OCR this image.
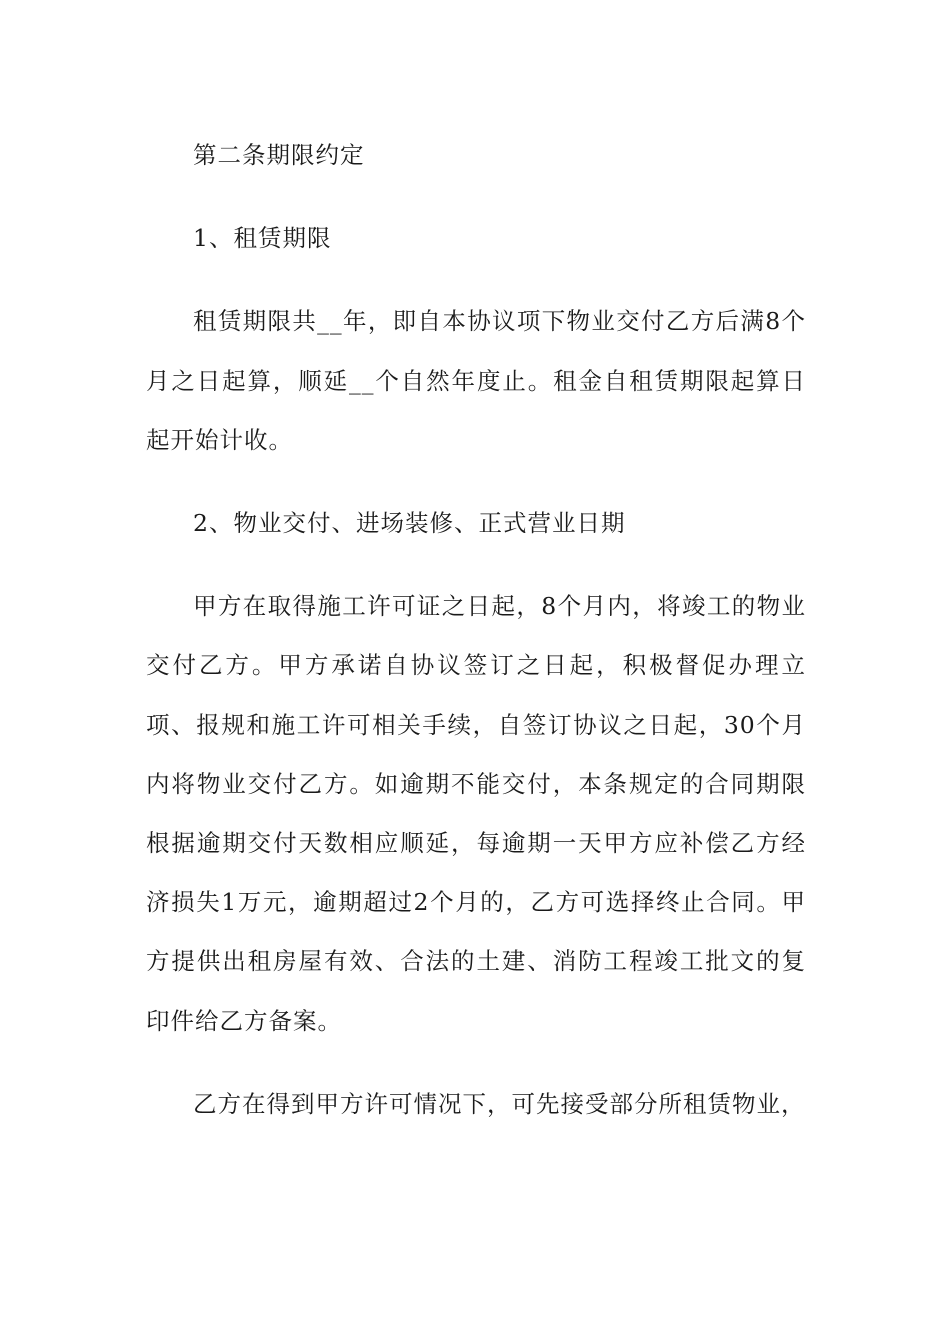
第二条期限约定

1、租赁期限

租赁期限共__年，即自本协议项下物业交付乙方后满8个月之日起算，顺延__个自然年度止。租金自租赁期限起算日起开始计收。

2、物业交付、进场装修、正式营业日期

甲方在取得施工许可证之日起，8个月内，将竣工的物业交付乙方。甲方承诺自协议签订之日起，积极督促办理立项、报规和施工许可相关手续，自签订协议之日起，30个月内将物业交付乙方。如逾期不能交付，本条规定的合同期限根据逾期交付天数相应顺延，每逾期一天甲方应补偿乙方经济损失1万元，逾期超过2个月的，乙方可选择终止合同。甲方提供出租房屋有效、合法的土建、消防工程竣工批文的复印件给乙方备案。

乙方在得到甲方许可情况下，可先接受部分所租赁物业，
